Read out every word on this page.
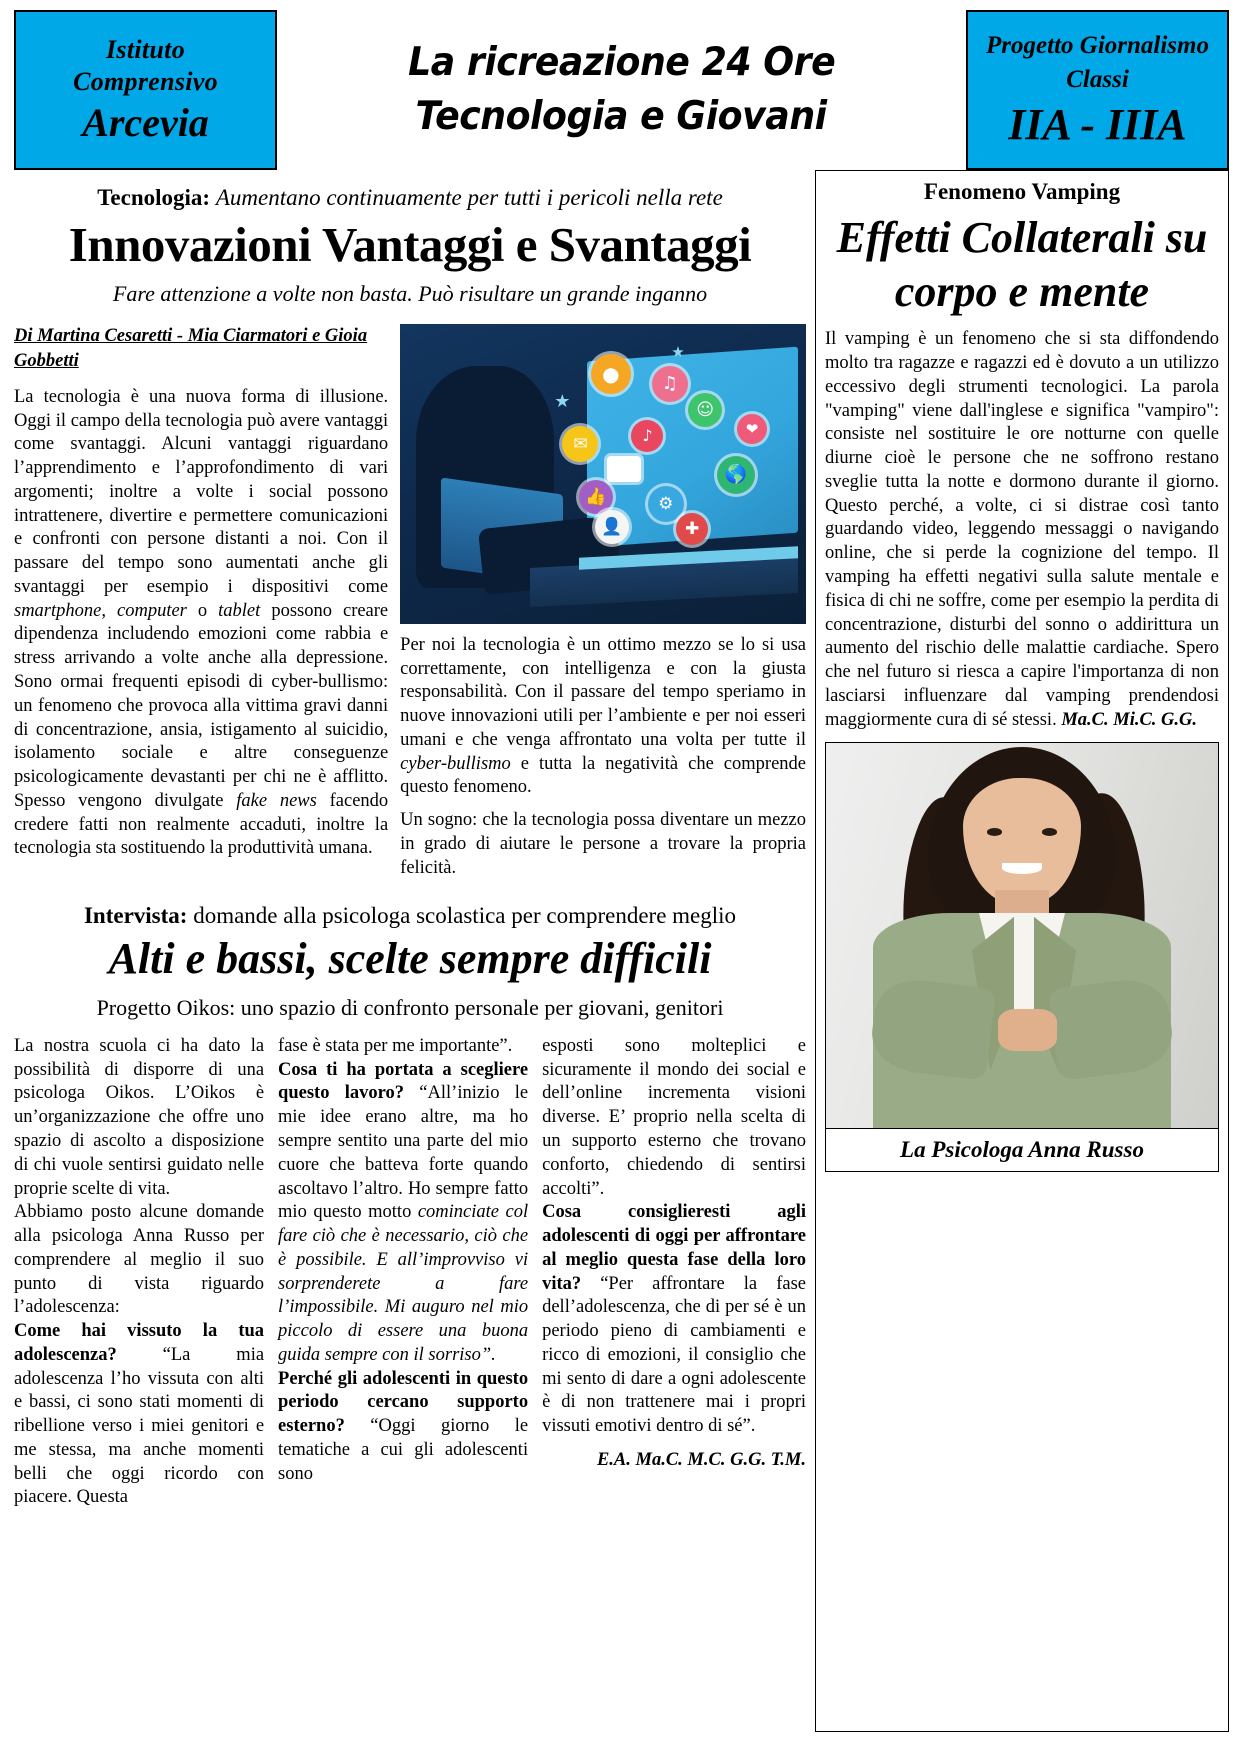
Istituto
Comprensivo
Arcevia
La ricreazione 24 Ore
Tecnologia e Giovani
Progetto Giornalismo
Classi
IIA - IIIA
Tecnologia: Aumentano continuamente per tutti i pericoli nella rete
Innovazioni Vantaggi e Svantaggi
Fare attenzione a volte non basta. Può risultare un grande inganno
Di Martina Cesaretti - Mia Ciarmatori e Gioia Gobbetti
La tecnologia è una nuova forma di illusione. Oggi il campo della tecnologia può avere vantaggi come svantaggi. Alcuni vantaggi riguardano l’apprendimento e l’approfondimento di vari argomenti; inoltre a volte i social possono intrattenere, divertire e permettere comunicazioni e confronti con persone distanti a noi. Con il passare del tempo sono aumentati anche gli svantaggi per esempio i dispositivi come smartphone, computer o tablet possono creare dipendenza includendo emozioni come rabbia e stress arrivando a volte anche alla depressione. Sono ormai frequenti episodi di cyber-bullismo: un fenomeno che provoca alla vittima gravi danni di concentrazione, ansia, istigamento al suicidio, isolamento sociale e altre conseguenze psicologicamente devastanti per chi ne è afflitto. Spesso vengono divulgate fake news facendo credere fatti non realmente accaduti, inoltre la tecnologia sta sostituendo la produttività umana.
●
✉
♫
♪
☺
🌎
⚙
👍
✚
👤
❤
★
★
Per noi la tecnologia è un ottimo mezzo se lo si usa correttamente, con intelligenza e con la giusta responsabilità. Con il passare del tempo speriamo in nuove innovazioni utili per l’ambiente e per noi esseri umani e che venga affrontato una volta per tutte il cyber-bullismo e tutta la negatività che comprende questo fenomeno.
Un sogno: che la tecnologia possa diventare un mezzo in grado di aiutare le persone a trovare la propria felicità.
Intervista: domande alla psicologa scolastica per comprendere meglio
Alti e bassi, scelte sempre difficili
Progetto Oikos: uno spazio di confronto personale per giovani, genitori
La nostra scuola ci ha dato la possibilità di disporre di una psicologa Oikos. L’Oikos è un’organizzazione che offre uno spazio di ascolto a disposizione di chi vuole sentirsi guidato nelle proprie scelte di vita.
Abbiamo posto alcune domande alla psicologa Anna Russo per comprendere al meglio il suo punto di vista riguardo l’adolescenza:
Come hai vissuto la tua adolescenza? “La mia adolescenza l’ho vissuta con alti e bassi, ci sono stati momenti di ribellione verso i miei genitori e me stessa, ma anche momenti belli che oggi ricordo con piacere. Questa
fase è stata per me importante”.
Cosa ti ha portata a scegliere questo lavoro? “All’inizio le mie idee erano altre, ma ho sempre sentito una parte del mio cuore che batteva forte quando ascoltavo l’altro. Ho sempre fatto mio questo motto cominciate col fare ciò che è necessario, ciò che è possibile. E all’improvviso vi sorprenderete a fare l’impossibile. Mi auguro nel mio piccolo di essere una buona guida sempre con il sorriso”.
Perché gli adolescenti in questo periodo cercano supporto esterno? “Oggi giorno le tematiche a cui gli adolescenti sono
esposti sono molteplici e sicuramente il mondo dei social e dell’online incrementa visioni diverse. E’ proprio nella scelta di un supporto esterno che trovano conforto, chiedendo di sentirsi accolti”.
Cosa consiglieresti agli adolescenti di oggi per affrontare al meglio questa fase della loro vita? “Per affrontare la fase dell’adolescenza, che di per sé è un periodo pieno di cambiamenti e ricco di emozioni, il consiglio che mi sento di dare a ogni adolescente è di non trattenere mai i propri vissuti emotivi dentro di sé”.
E.A. Ma.C. M.C. G.G. T.M.
Fenomeno Vamping
Effetti Collaterali su corpo e mente
Il vamping è un fenomeno che si sta diffondendo molto tra ragazze e ragazzi ed è dovuto a un utilizzo eccessivo degli strumenti tecnologici. La parola "vamping" viene dall'inglese e significa "vampiro": consiste nel sostituire le ore notturne con quelle diurne cioè le persone che ne soffrono restano sveglie tutta la notte e dormono durante il giorno. Questo perché, a volte, ci si distrae così tanto guardando video, leggendo messaggi o navigando online, che si perde la cognizione del tempo. Il vamping ha effetti negativi sulla salute mentale e fisica di chi ne soffre, come per esempio la perdita di concentrazione, disturbi del sonno o addirittura un aumento del rischio delle malattie cardiache. Spero che nel futuro si riesca a capire l'importanza di non lasciarsi influenzare dal vamping prendendosi maggiormente cura di sé stessi. Ma.C. Mi.C. G.G.
La Psicologa Anna Russo
